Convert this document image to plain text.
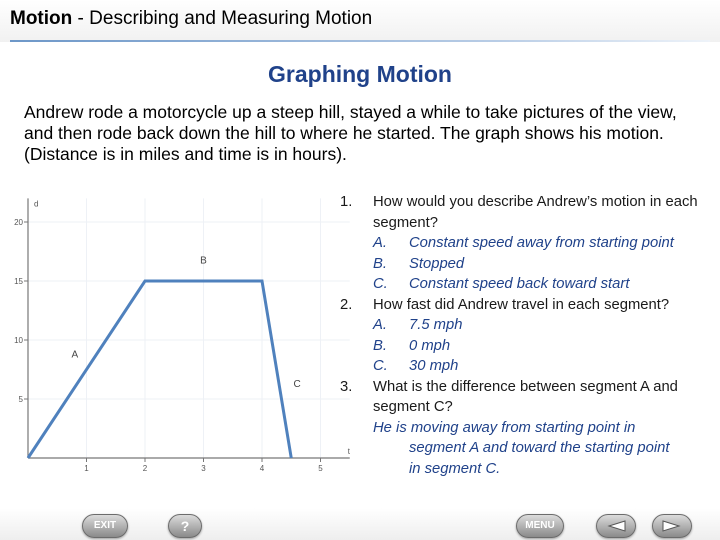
Motion - Describing and Measuring Motion
Graphing Motion
Andrew rode a motorcycle up a steep hill, stayed a while to take pictures of the view, and then rode back down the hill to where he started. The graph shows his motion. (Distance is in miles and time is in hours).
d
t
1	2	3	4	5
5
10
15
20
A
B
C
1.	How would you describe Andrew’s motion in each segment?
A. Constant speed away from starting point
B. Stopped
C. Constant speed back toward start
2.	How fast did Andrew travel in each segment?
A. 7.5 mph
B. 0 mph
C. 30 mph
3.	What is the difference between segment A and segment C?
He is moving away from starting point in
segment A and toward the starting point
in segment C.
EXIT	?	MENU
